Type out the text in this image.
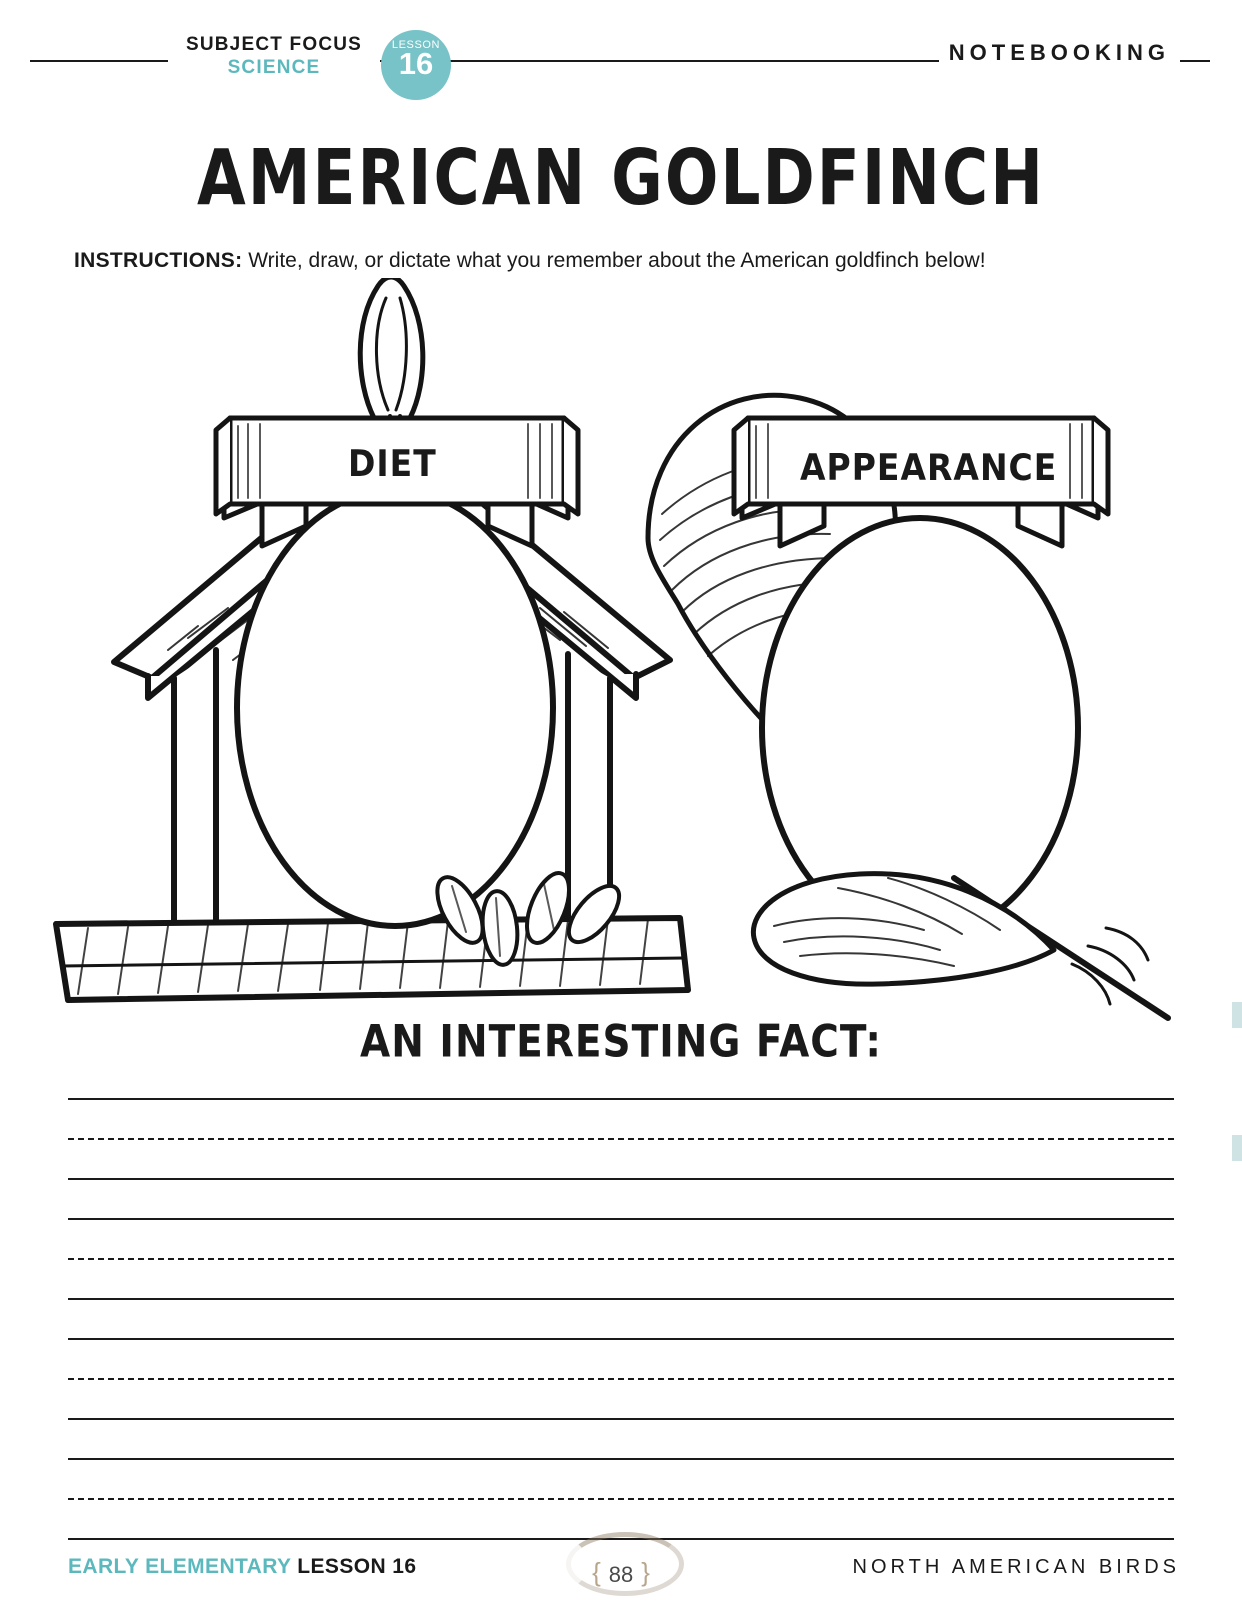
SUBJECT FOCUS
SCIENCE
LESSON
16	NOTEBOOKING
AMERICAN GOLDFINCH
INSTRUCTIONS: Write, draw, or dictate what you remember about the American goldfinch below!
DIET	APPEARANCE
AN INTERESTING FACT:
EARLY ELEMENTARY LESSON 16	{ 88 }	NORTH AMERICAN BIRDS
